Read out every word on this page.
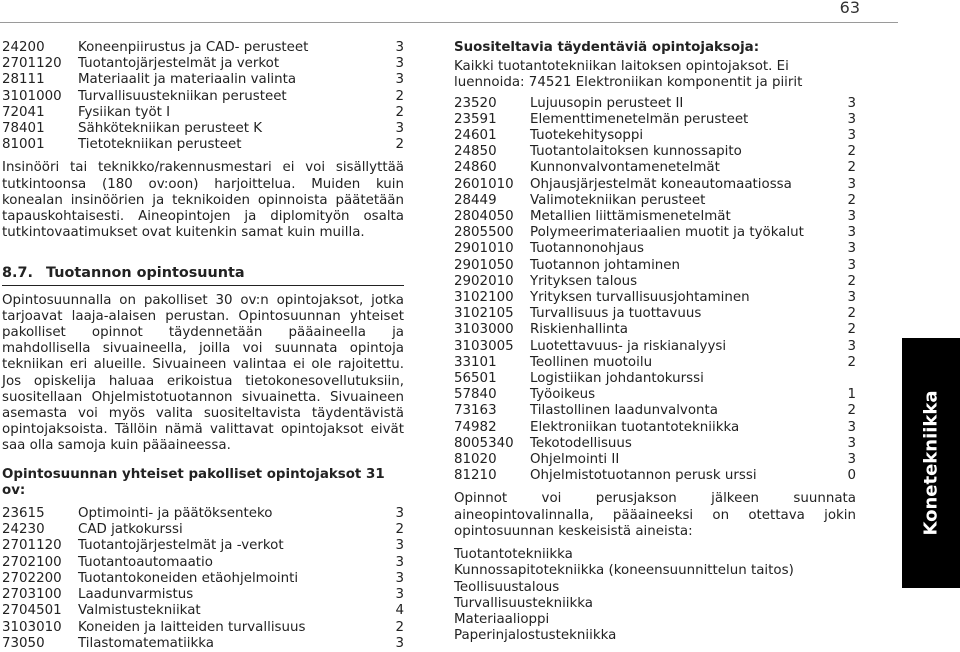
63
24200	Koneenpiirustus ja CAD- perusteet	3
2701120	Tuotantojärjestelmät ja verkot	3
28111	Materiaalit ja materiaalin valinta	3
3101000	Turvallisuustekniikan perusteet	2
72041	Fysiikan työt I	2
78401	Sähkötekniikan perusteet K	3
81001	Tietotekniikan perusteet	2

Insinööri tai teknikko/rakennusmestari ei voi sisällyttää tutkintoonsa (180 ov:oon) harjoittelua. Muiden kuin konealan insinöörien ja teknikoiden opinnoista päätetään tapauskohtaisesti. Aineopintojen ja diplomityön osalta tutkintovaatimukset ovat kuitenkin samat kuin muilla.

8.7. Tuotannon opintosuunta

Opintosuunnalla on pakolliset 30 ov:n opintojaksot, jotka tarjoavat laaja-alaisen perustan. Opintosuunnan yhteiset pakolliset opinnot täydennetään pääaineella ja mahdollisella sivuaineella, joilla voi suunnata opintoja tekniikan eri alueille. Sivuaineen valintaa ei ole rajoitettu. Jos opiskelija haluaa erikoistua tietokonesovellutuksiin, suositellaan Ohjelmistotuotannon sivuainetta. Sivuaineen asemasta voi myös valita suositeltavista täydentävistä opintojaksoista. Tällöin nämä valittavat opintojaksot eivät saa olla samoja kuin pääaineessa.

Opintosuunnan yhteiset pakolliset opintojaksot 31 ov:

23615	Optimointi- ja päätöksenteko	3
24230	CAD jatkokurssi	2
2701120	Tuotantojärjestelmät ja -verkot	3
2702100	Tuotantoautomaatio	3
2702200	Tuotantokoneiden etäohjelmointi	3
2703100	Laadunvarmistus	3
2704501	Valmistustekniikat	4
3103010	Koneiden ja laitteiden turvallisuus	2
73050	Tilastomatematiikka	3

Suositeltavia täydentäviä opintojaksoja:

Kaikki tuotantotekniikan laitoksen opintojaksot. Ei luennoida: 74521 Elektroniikan komponentit ja piirit

23520	Lujuusopin perusteet II	3
23591	Elementtimenetelmän perusteet	3
24601	Tuotekehitysoppi	3
24850	Tuotantolaitoksen kunnossapito	2
24860	Kunnonvalvontamenetelmät	2
2601010	Ohjausjärjestelmät koneautomaatiossa	3
28449	Valimotekniikan perusteet	2
2804050	Metallien liittämismenetelmät	3
2805500	Polymeerimateriaalien muotit ja työkalut	3
2901010	Tuotannonohjaus	3
2901050	Tuotannon johtaminen	3
2902010	Yrityksen talous	2
3102100	Yrityksen turvallisuusjohtaminen	3
3102105	Turvallisuus ja tuottavuus	2
3103000	Riskienhallinta	2
3103005	Luotettavuus- ja riskianalyysi	3
33101	Teollinen muotoilu	2
56501	Logistiikan johdantokurssi
57840	Työoikeus	1
73163	Tilastollinen laadunvalvonta	2
74982	Elektroniikan tuotantotekniikka	3
8005340	Tekotodellisuus	3
81020	Ohjelmointi II	3
81210	Ohjelmistotuotannon perusk urssi	0

Opinnot voi perusjakson jälkeen suunnata aineopintovalinnalla, pääaineeksi on otettava jokin opintosuunnan keskeisistä aineista:

Tuotantotekniikka
Kunnossapitotekniikka (koneensuunnittelun taitos)
Teollisuustalous
Turvallisuustekniikka
Materiaalioppi
Paperinjalostustekniikka
Konetekniikka
